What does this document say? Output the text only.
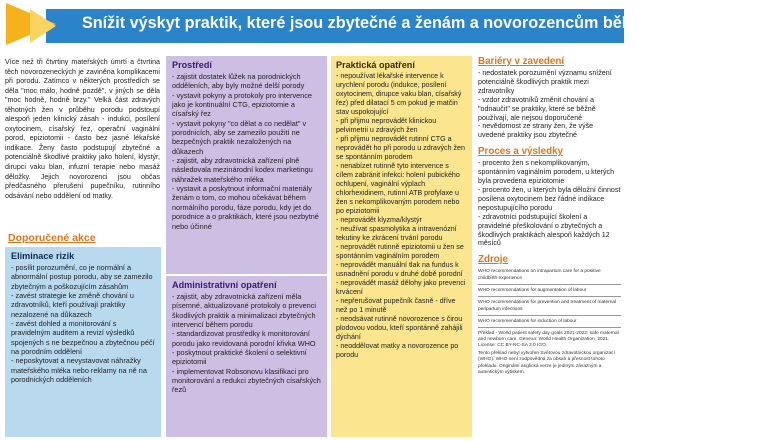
Snížit výskyt praktik, které jsou zbytečné a ženám a novorozencům během porodu škodí
Více než tři čtvrtiny mateřských úmrtí a čtvrtina těch novorozeneckých je zaviněna komplikacemi při porodu. Zatímco v některých prostředích se děla "moc málo, hodně pozdě", v jiných se děla "moc hodně, hodně brzy." Velká část zdravých těhotných žen v průběhu porodu podstoupí alespoň jeden klinický zásah - indukci, posílení oxytocinem, císařský řez, operační vaginální porod, epiziotomii - často bez jasné lékařské indikace. Ženy často podstupují zbytečné a potenciálně škodlivé praktiky jako holení, klystýr, dirupci vaku blan, infuzní terapie nebo masáž děložky. Jejich novorozenci jsou občas předčasného přerušení pupečníku, rutinního odsávání nebo oddělení od matky.
Doporučené akce
Eliminace rizik

- posílit porozumění, co je normální a abnormální postup porodu, aby se zamezilo zbytečným a poškozujícím zásahům

- zavést strategie ke změně chování u zdravotníků, kteří používají praktiky nezalozené na důkazech

- zavést dohled a monitorování s pravidelným auditem a revizí výsledků spojených s ne bezpečnou a zbytečnou péčí na porodním oddělení

- neposkytovat a nevystavovat náhražky mateřského mléka nebo reklamy na ně na porodnických odděleních

Prostředí

- zajistit dostatek lůžek na porodnických odděleních, aby byly možné delší porody

- vystavit pokyny a protokoly pro intervence jako je kontinuální CTG, epiziotomie a císařský řez

- vystavit pokyny "co dělat a co nedělat" v porodnicích, aby se zamezilo použití ne bezpečných praktik nezaložených na důkazech

- zajistit, aby zdravotnická zařízení plně následovala mezinárodní kodex marketingu náhražek mateřského mléka

- vystavit a poskytnout informační materiály ženám o tom, co mohou očekávat během normálního porodu, fáze porodu, kdy jet do porodnice a o praktikách, které jsou nezbytné nebo účinné

Administrativní opatření

- zajistit, aby zdravotnická zařízení měla písemné, aktualizované protokoly o prevenci škodlivých praktik a minimalizaci zbytečných intervencí během porodu

- standardizovat prostředky k monitorování porodu jako revidovaná porodní křivka WHO

- poskytnout praktické školení o selektivní epiziotomii

- implementovat Robsonovu klasifikaci pro monitorování a redukci zbytečných císařských řezů

Praktická opatření

- nepoužívat lékařské intervence k urychlení porodu (indukce, posílení oxytocinem, dirupce vaku blan, císařský řez) před dilatací 5 cm pokud je matčin stav uspokojující

- při přijmu neprovádět klinickou pelvimetrii u zdravých žen

- při přijmu neprovádět rutinní CTG a neprovádět ho při porodu u zdravých žen se spontánním porodem

- nenabízet rutinně tyto intervence s cílem zabránit infekci: holení pubického ochlupení, vaginální výplach chlorhexidinem, rutinní ATB profylaxe u žen s nekomplikovaným porodem nebo po epiziotomii

- neprovádět klyzma/klystýr

- neužívat spasmolytika a intravenózní tekutiny ke zkrácení trvání porodu

- neprovádět rutinně epiziotomii u žen se spontánním vaginálním porodem

- neprovádět manuální tlak na fundus k usnadnění porodu v druhé době porodní

- neprovádět masáž dělohy jako prevenci krvácení

- nepřerušovat pupečník časně - dříve než po 1 minutě

- neodsávat rutinně novorozence s čirou plodovou vodou, kteří spontánně zahájili dýchání

- neoddělovat matky a novorozence po porodu

Bariéry v zavedení

- nedostatek porozumění významu snížení potenciálně škodlivých praktik mezi zdravotníky

- vzdor zdravotníků změnit chování a "odnaučit" se praktiky, které se běžně používají, ale nejsou doporučené

- nevědomost ze strany žen, že výše uvedené praktiky jsou zbytečné

Proces a výsledky

- procento žen s nekomplikovaným, spontánním vaginálním porodem, u kterých byla provedena epiziotomie

- procento žen, u kterých byla děložní činnost posílena oxytocinem bez řádné indikace nepostupujícího porodu

- zdravotníci podstupující školení a pravidelné přeškolování o zbytečných a škodlivých praktikách alespoň každých 12 měsíců

Zdroje
WHO recommendations on intrapartum care for a positive childbirth experience
WHO recommendations for augmentation of labour
WHO recommendations for prevention and treatment of maternal peripartum infections
WHO recommendations for induction of labour
Překlad - World patient safety day goals 2021-2022: safe maternal and newborn care. Geneva: World Health Organization, 2021. License: CC BY-NC-SA 3.0 IGO.
Tento překlad nebyl vytvořen Světovou zdravotnickou organizací (WHO). WHO není zodpovědná za obsah a přesnost tohoto překladu. Originální anglická verze je jediným závazným a autentickým výtiskem.
